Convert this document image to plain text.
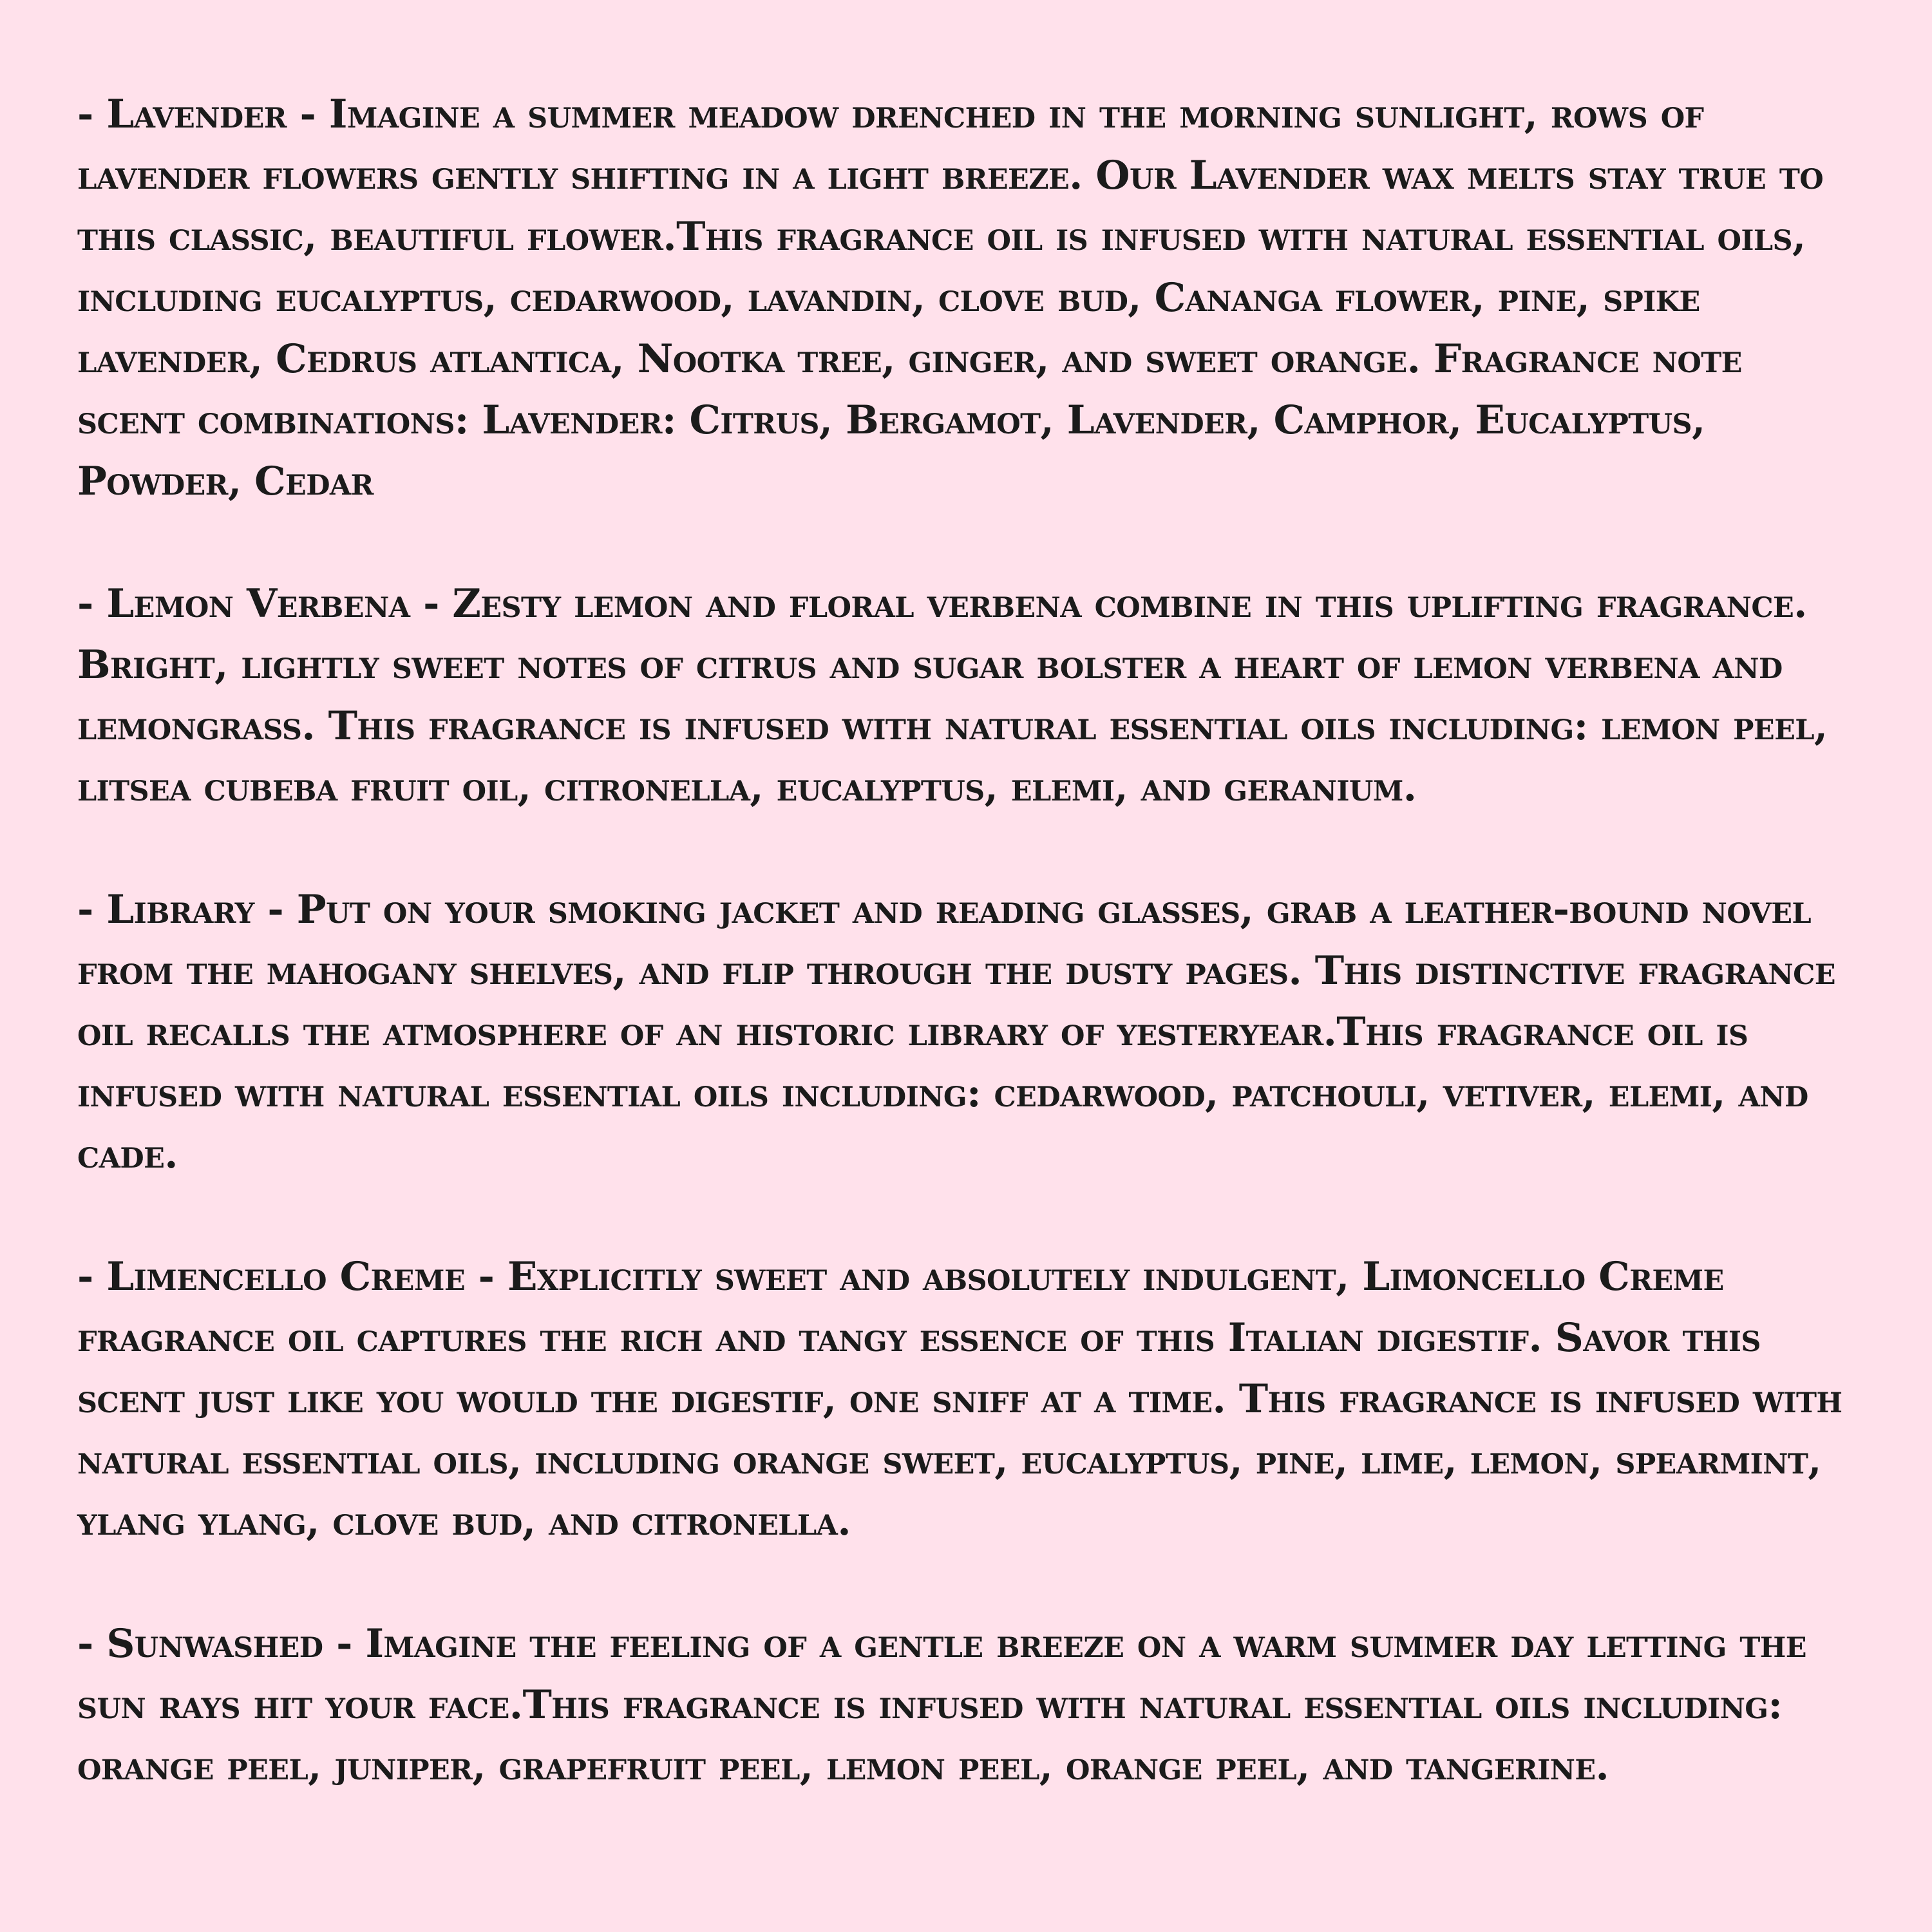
- Lavender - Imagine a summer meadow drenched in the morning sunlight, rows of lavender flowers gently shifting in a light breeze. Our Lavender wax melts stay true to this classic, beautiful flower.This fragrance oil is infused with natural essential oils, including eucalyptus, cedarwood, lavandin, clove bud, Cananga flower, pine, spike lavender, Cedrus atlantica, Nootka tree, ginger, and sweet orange. Fragrance note scent combinations: Lavender: Citrus, Bergamot, Lavender, Camphor, Eucalyptus, Powder, Cedar

- Lemon Verbena - Zesty lemon and floral verbena combine in this uplifting fragrance. Bright, lightly sweet notes of citrus and sugar bolster a heart of lemon verbena and lemongrass. This fragrance is infused with natural essential oils including: lemon peel, litsea cubeba fruit oil, citronella, eucalyptus, elemi, and geranium.

- Library - Put on your smoking jacket and reading glasses, grab a leather-bound novel from the mahogany shelves, and flip through the dusty pages. This distinctive fragrance oil recalls the atmosphere of an historic library of yesteryear.This fragrance oil is infused with natural essential oils including: cedarwood, patchouli, vetiver, elemi, and cade.

- Limencello Creme - Explicitly sweet and absolutely indulgent, Limoncello Creme fragrance oil captures the rich and tangy essence of this Italian digestif. Savor this scent just like you would the digestif, one sniff at a time. This fragrance is infused with natural essential oils, including orange sweet, eucalyptus, pine, lime, lemon, spearmint, ylang ylang, clove bud, and citronella.

- Sunwashed - Imagine the feeling of a gentle breeze on a warm summer day letting the sun rays hit your face.This fragrance is infused with natural essential oils including: orange peel, juniper, grapefruit peel, lemon peel, orange peel, and tangerine.
